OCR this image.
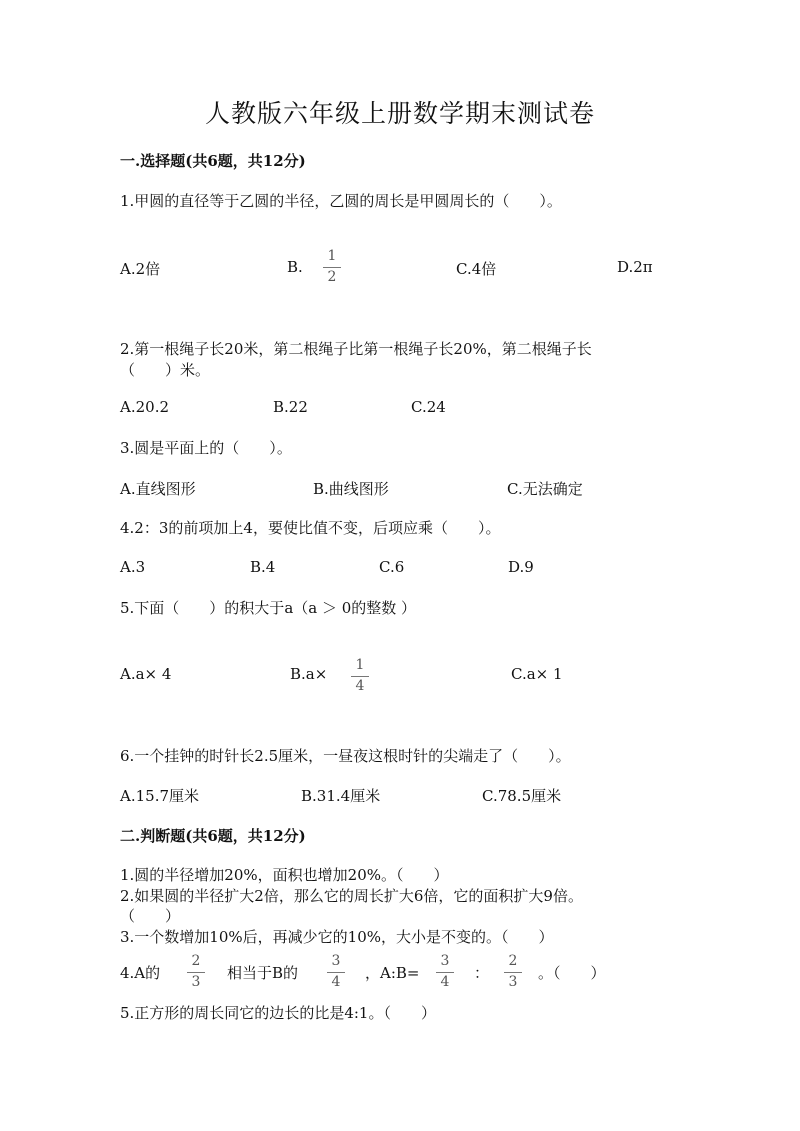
人教版六年级上册数学期末测试卷
一.选择题(共6题，共12分)
1.甲圆的直径等于乙圆的半径，乙圆的周长是甲圆周长的（　　）。
A.2倍	B.
1
2	C.4倍	D.2π
2.第一根绳子长20米，第二根绳子比第一根绳子长20%，第二根绳子长
（　　）米。
A.20.2	B.22	C.24
3.圆是平面上的（　　）。
A.直线图形	B.曲线图形	C.无法确定
4.2：3的前项加上4，要使比值不变，后项应乘（　　）。
A.3	B.4	C.6	D.9
5.下面（　　）的积大于a（a ＞ 0的整数 ）
A.a× 4	B.a×	1
4
C.a× 1
6.一个挂钟的时针长2.5厘米，一昼夜这根时针的尖端走了（　　）。
A.15.7厘米	B.31.4厘米	C.78.5厘米
二.判断题(共6题，共12分)
1.圆的半径增加20%，面积也增加20%。（　　）
2.如果圆的半径扩大2倍，那么它的周长扩大6倍，它的面积扩大9倍。
（　　）
3.一个数增加10%后，再减少它的10%，大小是不变的。（　　）
4.A的
2
3	相当于B的
3
4	，A:B=
3
4	：
2
3	。（　　）
5.正方形的周长同它的边长的比是4:1。（　　）
